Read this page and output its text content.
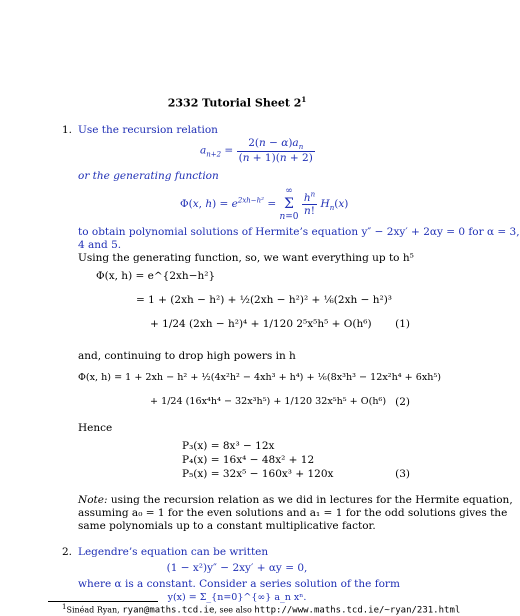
2332 Tutorial Sheet $2^1$
1. Use the recursion relation
$a_{n+2} = \frac{2(n - \alpha)a_n}{(n + 1)(n + 2)}$
or the generating function
Φ(x, $h) = e^{2xh-h^2}$ =
∞
Σ
n=0
$\frac{h^n}{n!} H_n(x)$
to obtain polynomial solutions of Hermite’s equation y″ − 2xy′ + 2αy = 0 for α = 3,
4 and 5.
Using the generating function, so, we want everything up to h⁵
Φ(x, h) = e^{2xh−h²}
= 1 + (2xh − h²) + ½(2xh − h²)² + ⅙(2xh − h²)³
+ 1/24 (2xh − h²)⁴ + 1/120 2⁵x⁵h⁵ + O(h⁶) (1)
and, continuing to drop high powers in h
Φ(x, h) = 1 + 2xh − h² + ½(4x²h² − 4xh³ + h⁴) + ⅙(8x³h³ − 12x²h⁴ + 6xh⁵)
+ 1/24 (16x⁴h⁴ − 32x³h⁵) + 1/120 32x⁵h⁵ + O(h⁶) (2)
Hence
P₃(x) = 8x³ − 12x
P₄(x) = 16x⁴ − 48x² + 12
P₅(x) = 32x⁵ − 160x³ + 120x	(3)
Note: using the recursion relation as we did in lectures for the Hermite equation,
assuming a₀ = 1 for the even solutions and a₁ = 1 for the odd solutions gives the
same polynomials up to a constant multiplicative factor.
2. Legendre’s equation can be written
(1 − x²)y″ − 2xy′ + αy = 0,
where α is a constant. Consider a series solution of the form
y(x) = Σ_{n=0}^{∞} a_n xⁿ.
$^1$Sinéad Ryan, ryan@maths.tcd.ie, see also http://www.maths.tcd.ie/~ryan/231.html
